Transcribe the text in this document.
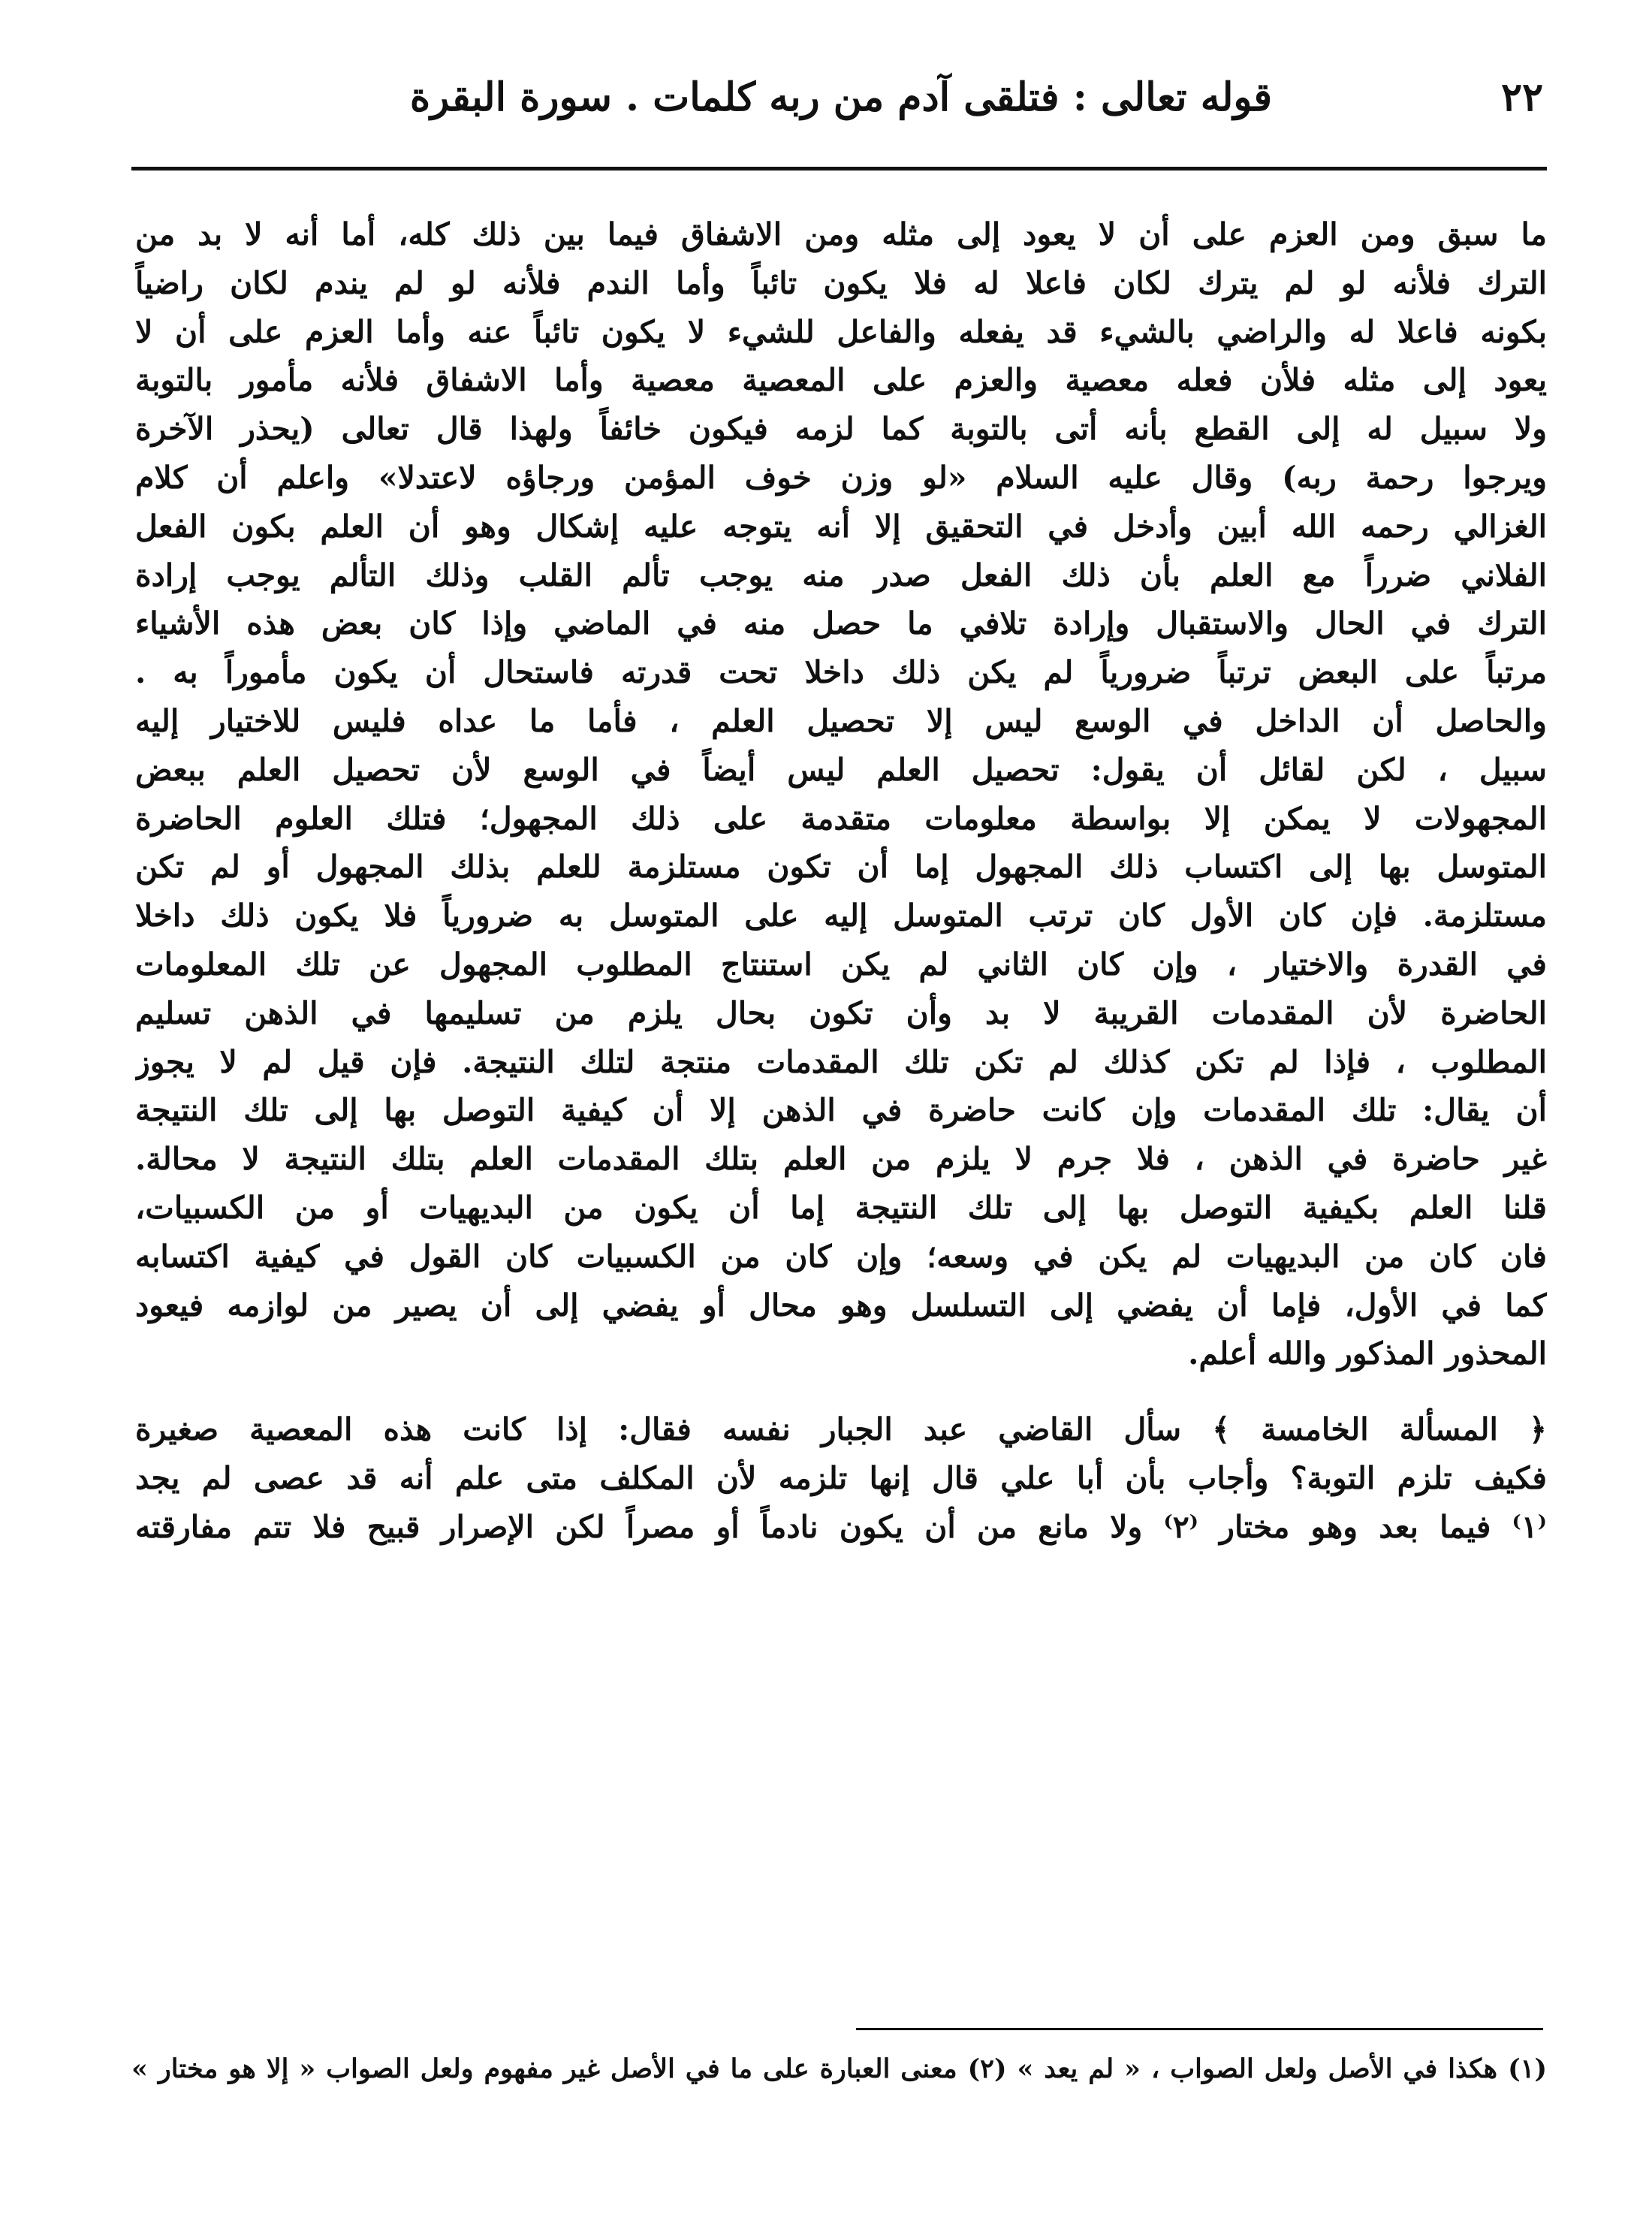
٢٢
قوله تعالى : فتلقى آدم من ربه كلمات . سورة البقرة
ما سبق ومن العزم على أن لا يعود إلى مثله ومن الاشفاق فيما بين ذلك كله، أما أنه لا بد من
الترك فلأنه لو لم يترك لكان فاعلا له فلا يكون تائباً وأما الندم فلأنه لو لم يندم لكان راضياً
بكونه فاعلا له والراضي بالشيء قد يفعله والفاعل للشيء لا يكون تائباً عنه وأما العزم على أن لا
يعود إلى مثله فلأن فعله معصية والعزم على المعصية معصية وأما الاشفاق فلأنه مأمور بالتوبة
ولا سبيل له إلى القطع بأنه أتى بالتوبة كما لزمه فيكون خائفاً ولهذا قال تعالى (يحذر الآخرة
ويرجوا رحمة ربه) وقال عليه السلام «لو وزن خوف المؤمن ورجاؤه لاعتدلا» واعلم أن كلام
الغزالي رحمه الله أبين وأدخل في التحقيق إلا أنه يتوجه عليه إشكال وهو أن العلم بكون الفعل
الفلاني ضرراً مع العلم بأن ذلك الفعل صدر منه يوجب تألم القلب وذلك التألم يوجب إرادة
الترك في الحال والاستقبال وإرادة تلافي ما حصل منه في الماضي وإذا كان بعض هذه الأشياء
مرتباً على البعض ترتباً ضرورياً لم يكن ذلك داخلا تحت قدرته فاستحال أن يكون مأموراً به .
والحاصل أن الداخل في الوسع ليس إلا تحصيل العلم ، فأما ما عداه فليس للاختيار إليه
سبيل ، لكن لقائل أن يقول: تحصيل العلم ليس أيضاً في الوسع لأن تحصيل العلم ببعض
المجهولات لا يمكن إلا بواسطة معلومات متقدمة على ذلك المجهول؛ فتلك العلوم الحاضرة
المتوسل بها إلى اكتساب ذلك المجهول إما أن تكون مستلزمة للعلم بذلك المجهول أو لم تكن
مستلزمة. فإن كان الأول كان ترتب المتوسل إليه على المتوسل به ضرورياً فلا يكون ذلك داخلا
في القدرة والاختيار ، وإن كان الثاني لم يكن استنتاج المطلوب المجهول عن تلك المعلومات
الحاضرة لأن المقدمات القريبة لا بد وأن تكون بحال يلزم من تسليمها في الذهن تسليم
المطلوب ، فإذا لم تكن كذلك لم تكن تلك المقدمات منتجة لتلك النتيجة. فإن قيل لم لا يجوز
أن يقال: تلك المقدمات وإن كانت حاضرة في الذهن إلا أن كيفية التوصل بها إلى تلك النتيجة
غير حاضرة في الذهن ، فلا جرم لا يلزم من العلم بتلك المقدمات العلم بتلك النتيجة لا محالة.
قلنا العلم بكيفية التوصل بها إلى تلك النتيجة إما أن يكون من البديهيات أو من الكسبيات،
فان كان من البديهيات لم يكن في وسعه؛ وإن كان من الكسبيات كان القول في كيفية اكتسابه
كما في الأول، فإما أن يفضي إلى التسلسل وهو محال أو يفضي إلى أن يصير من لوازمه فيعود
المحذور المذكور والله أعلم.
﴿ المسألة الخامسة ﴾ سأل القاضي عبد الجبار نفسه فقال: إذا كانت هذه المعصية صغيرة
فكيف تلزم التوبة؟ وأجاب بأن أبا علي قال إنها تلزمه لأن المكلف متى علم أنه قد عصى لم يجد
⁽١⁾ فيما بعد وهو مختار ⁽٢⁾ ولا مانع من أن يكون نادماً أو مصراً لكن الإصرار قبيح فلا تتم مفارقته
(١) هكذا في الأصل ولعل الصواب ، « لم يعد » (٢) معنى العبارة على ما في الأصل غير مفهوم ولعل الصواب « إلا هو مختار »
